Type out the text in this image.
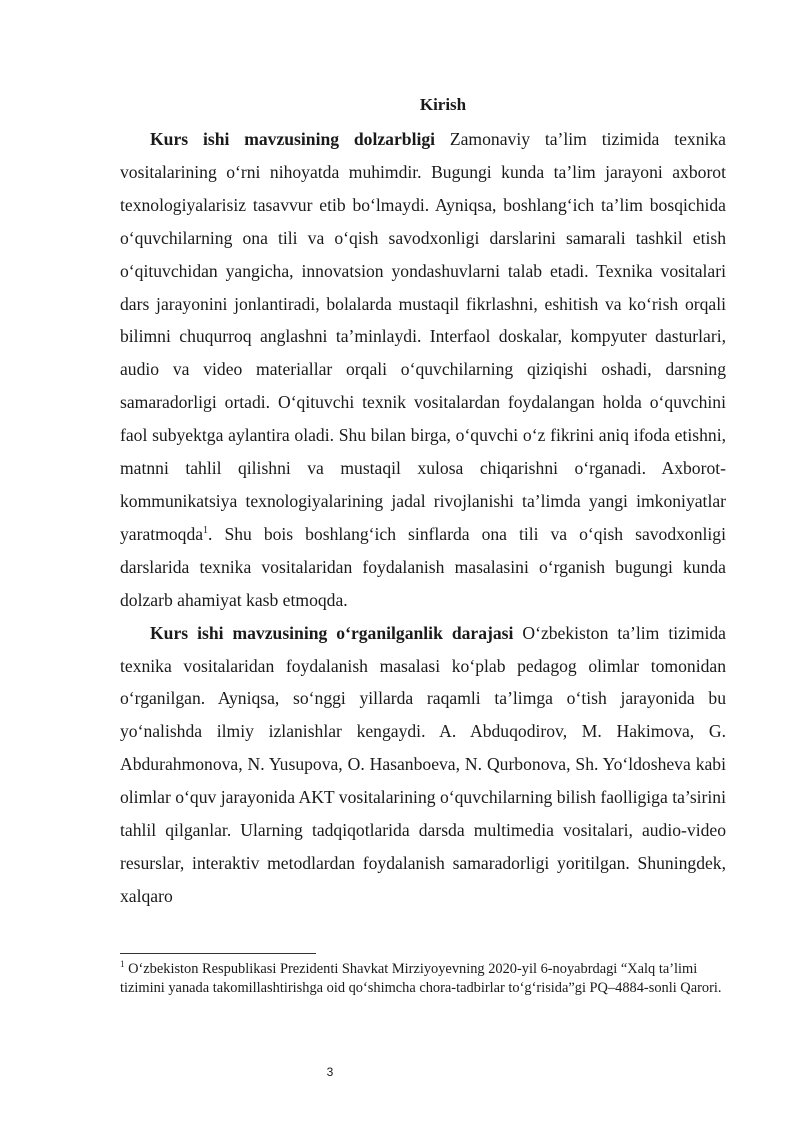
Kirish

Kurs ishi mavzusining dolzarbligi Zamonaviy ta’lim tizimida texnika vositalarining o‘rni nihoyatda muhimdir. Bugungi kunda ta’lim jarayoni axborot texnologiyalarisiz tasavvur etib bo‘lmaydi. Ayniqsa, boshlang‘ich ta’lim bosqichida o‘quvchilarning ona tili va o‘qish savodxonligi darslarini samarali tashkil etish o‘qituvchidan yangicha, innovatsion yondashuvlarni talab etadi. Texnika vositalari dars jarayonini jonlantiradi, bolalarda mustaqil fikrlashni, eshitish va ko‘rish orqali bilimni chuqurroq anglashni ta’minlaydi. Interfaol doskalar, kompyuter dasturlari, audio va video materiallar orqali o‘quvchilarning qiziqishi oshadi, darsning samaradorligi ortadi. O‘qituvchi texnik vositalardan foydalangan holda o‘quvchini faol subyektga aylantira oladi. Shu bilan birga, o‘quvchi o‘z fikrini aniq ifoda etishni, matnni tahlil qilishni va mustaqil xulosa chiqarishni o‘rganadi. Axborot-kommunikatsiya texnologiyalarining jadal rivojlanishi ta’limda yangi imkoniyatlar yaratmoqda$^1$. Shu bois boshlang‘ich sinflarda ona tili va o‘qish savodxonligi darslarida texnika vositalaridan foydalanish masalasini o‘rganish bugungi kunda dolzarb ahamiyat kasb etmoqda.

Kurs ishi mavzusining o‘rganilganlik darajasi O‘zbekiston ta’lim tizimida texnika vositalaridan foydalanish masalasi ko‘plab pedagog olimlar tomonidan o‘rganilgan. Ayniqsa, so‘nggi yillarda raqamli ta’limga o‘tish jarayonida bu yo‘nalishda ilmiy izlanishlar kengaydi. A. Abduqodirov, M. Hakimova, G. Abdurahmonova, N. Yusupova, O. Hasanboeva, N. Qurbonova, Sh. Yo‘ldosheva kabi olimlar o‘quv jarayonida AKT vositalarining o‘quvchilarning bilish faolligiga ta’sirini tahlil qilganlar. Ularning tadqiqotlarida darsda multimedia vositalari, audio-video resurslar, interaktiv metodlardan foydalanish samaradorligi yoritilgan. Shuningdek, xalqaro

$^1$ O‘zbekiston Respublikasi Prezidenti Shavkat Mirziyoyevning 2020-yil 6-noyabrdagi “Xalq ta’limi tizimini yanada takomillashtirishga oid qo‘shimcha chora-tadbirlar to‘g‘risida”gi PQ–4884-sonli Qarori.
3
